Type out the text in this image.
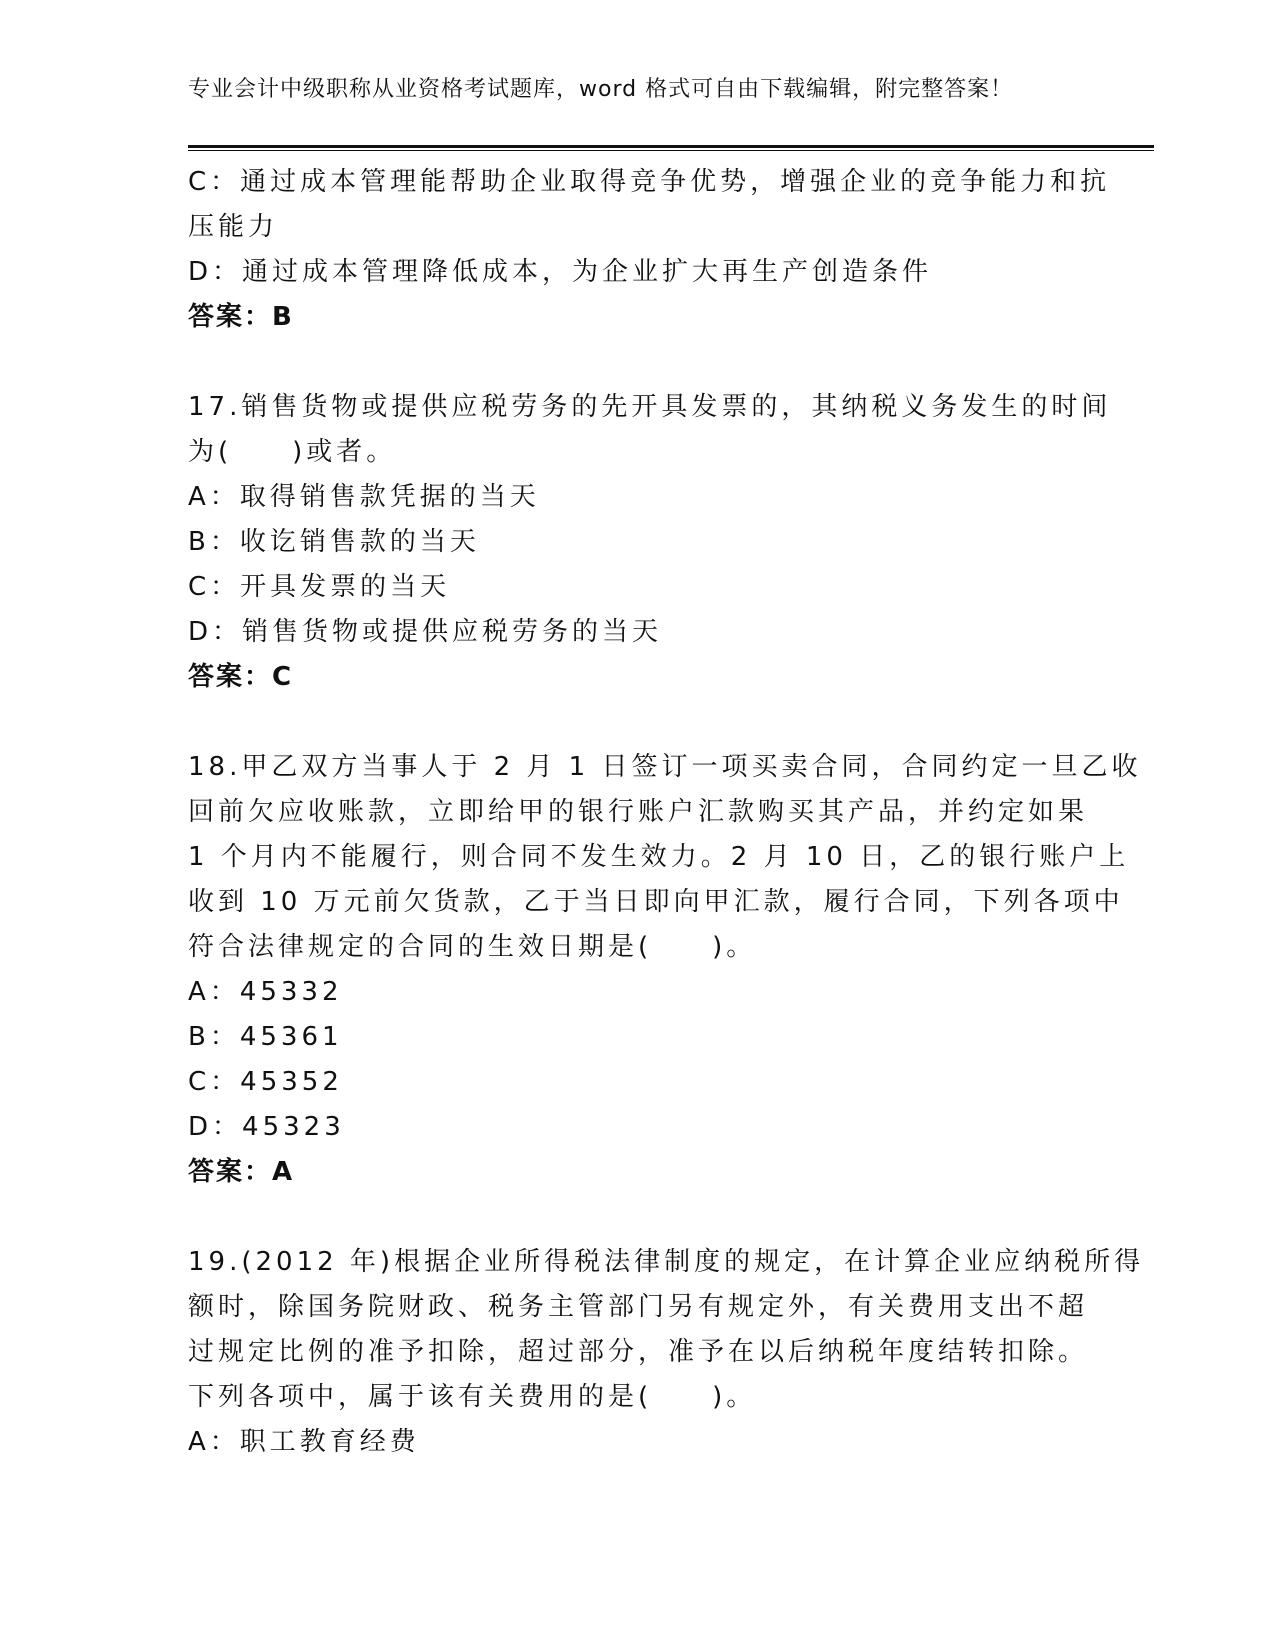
专业会计中级职称从业资格考试题库，word 格式可自由下载编辑，附完整答案！

C：通过成本管理能帮助企业取得竞争优势，增强企业的竞争能力和抗

压能力

D：通过成本管理降低成本，为企业扩大再生产创造条件

答案：B

17.销售货物或提供应税劳务的先开具发票的，其纳税义务发生的时间

为(　　)或者。

A：取得销售款凭据的当天

B：收讫销售款的当天

C：开具发票的当天

D：销售货物或提供应税劳务的当天

答案：C

18.甲乙双方当事人于 2 月 1 日签订一项买卖合同，合同约定一旦乙收

回前欠应收账款，立即给甲的银行账户汇款购买其产品，并约定如果

1 个月内不能履行，则合同不发生效力。2 月 10 日，乙的银行账户上

收到 10 万元前欠货款，乙于当日即向甲汇款，履行合同，下列各项中

符合法律规定的合同的生效日期是(　　)。

A：45332

B：45361

C：45352

D：45323

答案：A

19.(2012 年)根据企业所得税法律制度的规定，在计算企业应纳税所得

额时，除国务院财政、税务主管部门另有规定外，有关费用支出不超

过规定比例的准予扣除，超过部分，准予在以后纳税年度结转扣除。

下列各项中，属于该有关费用的是(　　)。

A：职工教育经费
